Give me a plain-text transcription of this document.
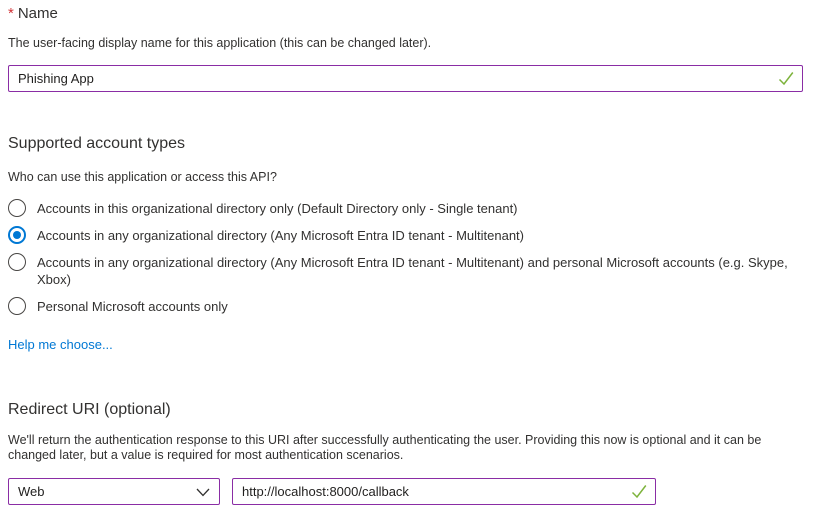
* Name
The user-facing display name for this application (this can be changed later).
Phishing App
Supported account types
Who can use this application or access this API?
Accounts in this organizational directory only (Default Directory only - Single tenant)
Accounts in any organizational directory (Any Microsoft Entra ID tenant - Multitenant)
Accounts in any organizational directory (Any Microsoft Entra ID tenant - Multitenant) and personal Microsoft accounts (e.g. Skype, Xbox)
Personal Microsoft accounts only
Help me choose...
Redirect URI (optional)
We'll return the authentication response to this URI after successfully authenticating the user. Providing this now is optional and it can be changed later, but a value is required for most authentication scenarios.
Web
http://localhost:8000/callback
